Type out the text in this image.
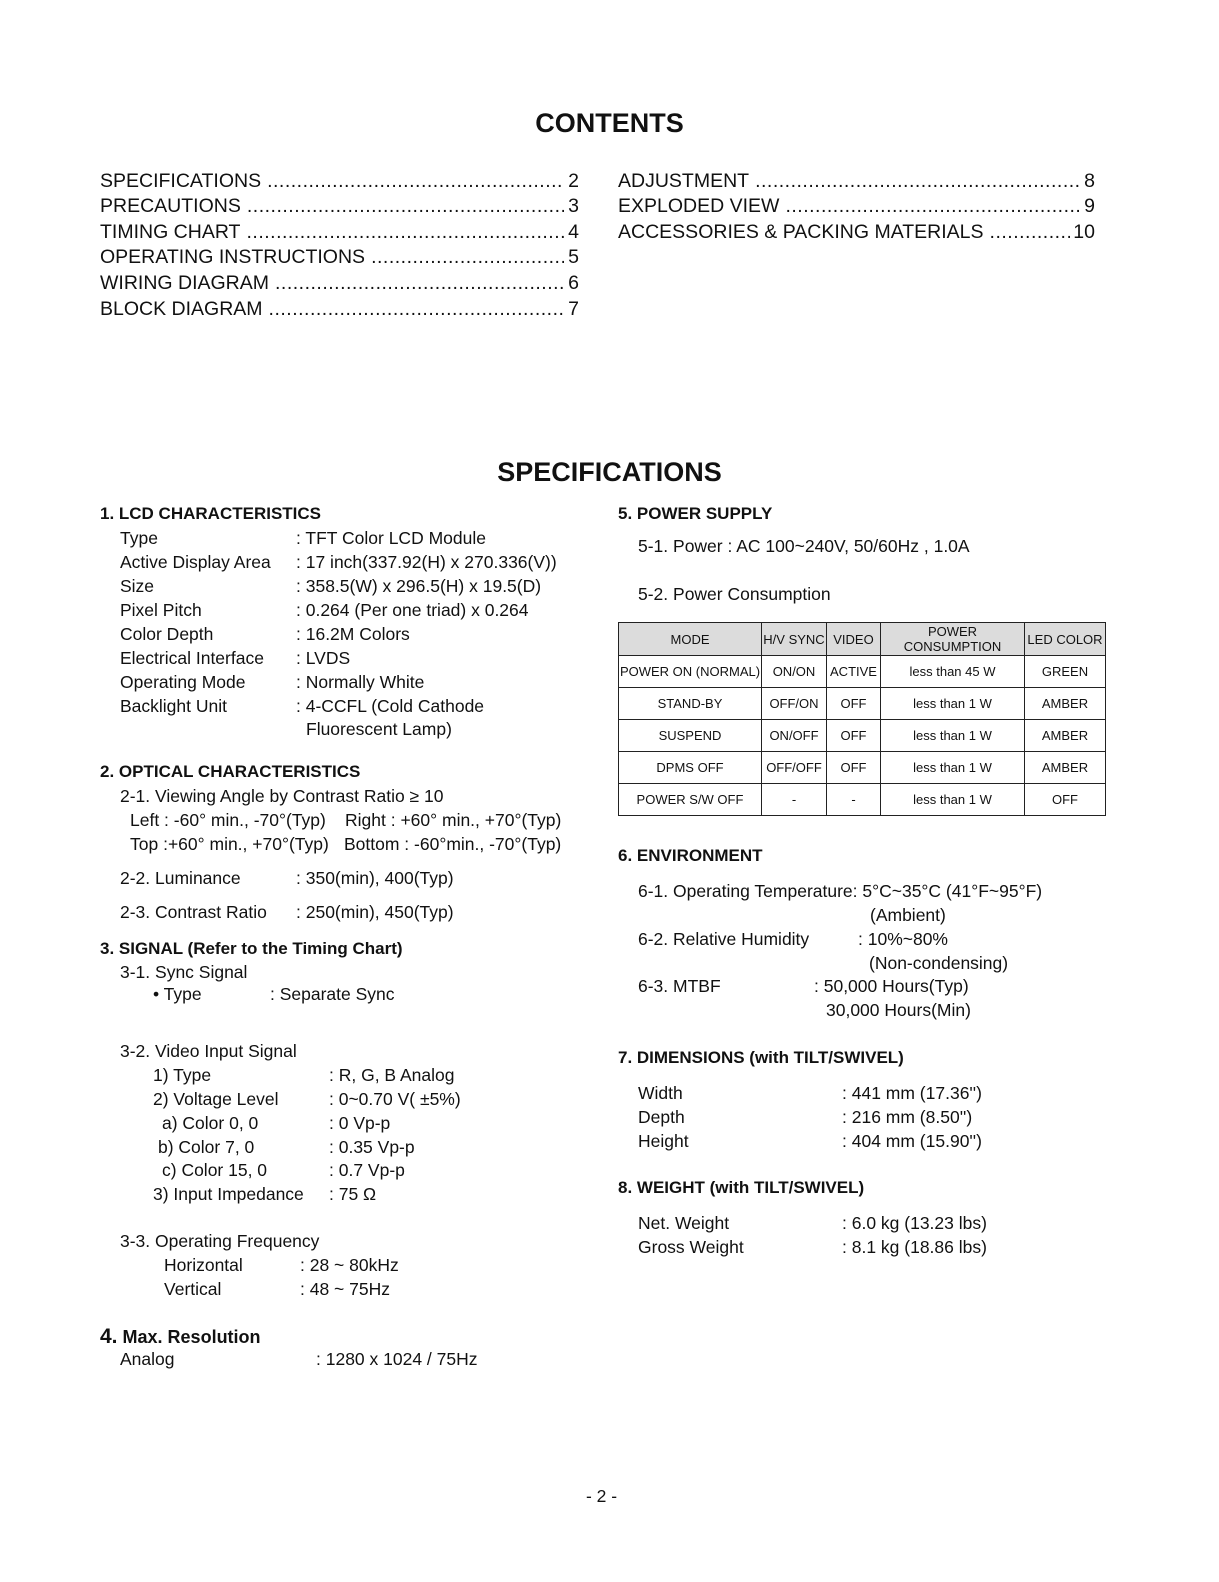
CONTENTS
SPECIFICATIONS .....	2
PRECAUTIONS .....	3
TIMING CHART .....	4
OPERATING INSTRUCTIONS .....	5
WIRING DIAGRAM .....	6
BLOCK DIAGRAM .....	7
ADJUSTMENT .....	8
EXPLODED VIEW .....	9
ACCESSORIES & PACKING MATERIALS .....	10
SPECIFICATIONS
1. LCD CHARACTERISTICS
Type	: TFT Color LCD Module
Active Display Area : 17 inch(337.92(H) x 270.336(V))
Size	: 358.5(W) x 296.5(H) x 19.5(D)
Pixel Pitch	: 0.264 (Per one triad) x 0.264
Color Depth	: 16.2M Colors
Electrical Interface : LVDS
Operating Mode	: Normally White
Backlight Unit	: 4-CCFL (Cold Cathode
Fluorescent Lamp)
2. OPTICAL CHARACTERISTICS
2-1. Viewing Angle by Contrast Ratio ≥ 10
Left : -60° min., -70°(Typ) Right : +60° min., +70°(Typ)
Top :+60° min., +70°(Typ) Bottom : -60°min., -70°(Typ)
2-2. Luminance	: 350(min), 400(Typ)
2-3. Contrast Ratio : 250(min), 450(Typ)
3. SIGNAL (Refer to the Timing Chart)
3-1. Sync Signal
• Type	: Separate Sync
3-2. Video Input Signal
1) Type	: R, G, B Analog
2) Voltage Level	: 0~0.70 V( ±5%)
a) Color 0, 0	: 0 Vp-p
b) Color 7, 0	: 0.35 Vp-p
c) Color 15, 0	: 0.7 Vp-p
3) Input Impedance : 75 Ω
3-3. Operating Frequency
Horizontal	: 28 ~ 80kHz
Vertical	: 48 ~ 75Hz
4. Max. Resolution
Analog	: 1280 x 1024 / 75Hz
5. POWER SUPPLY
5-1. Power : AC 100~240V, 50/60Hz , 1.0A
5-2. Power Consumption
MODE	H/V SYNC	VIDEO	POWER CONSUMPTION	LED COLOR
POWER ON (NORMAL)	ON/ON	ACTIVE	less than 45 W	GREEN
STAND-BY	OFF/ON	OFF	less than 1 W	AMBER
SUSPEND	ON/OFF	OFF	less than 1 W	AMBER
DPMS OFF	OFF/OFF	OFF	less than 1 W	AMBER
POWER S/W OFF	-	-	less than 1 W	OFF
6. ENVIRONMENT
6-1. Operating Temperature: 5°C~35°C (41°F~95°F)
(Ambient)
6-2. Relative Humidity	: 10%~80%
(Non-condensing)
6-3. MTBF	: 50,000 Hours(Typ)
30,000 Hours(Min)
7. DIMENSIONS (with TILT/SWIVEL)
Width	: 441 mm (17.36'')
Depth	: 216 mm (8.50'')
Height	: 404 mm (15.90'')
8. WEIGHT (with TILT/SWIVEL)
Net. Weight	: 6.0 kg (13.23 lbs)
Gross Weight	: 8.1 kg (18.86 lbs)
- 2 -
